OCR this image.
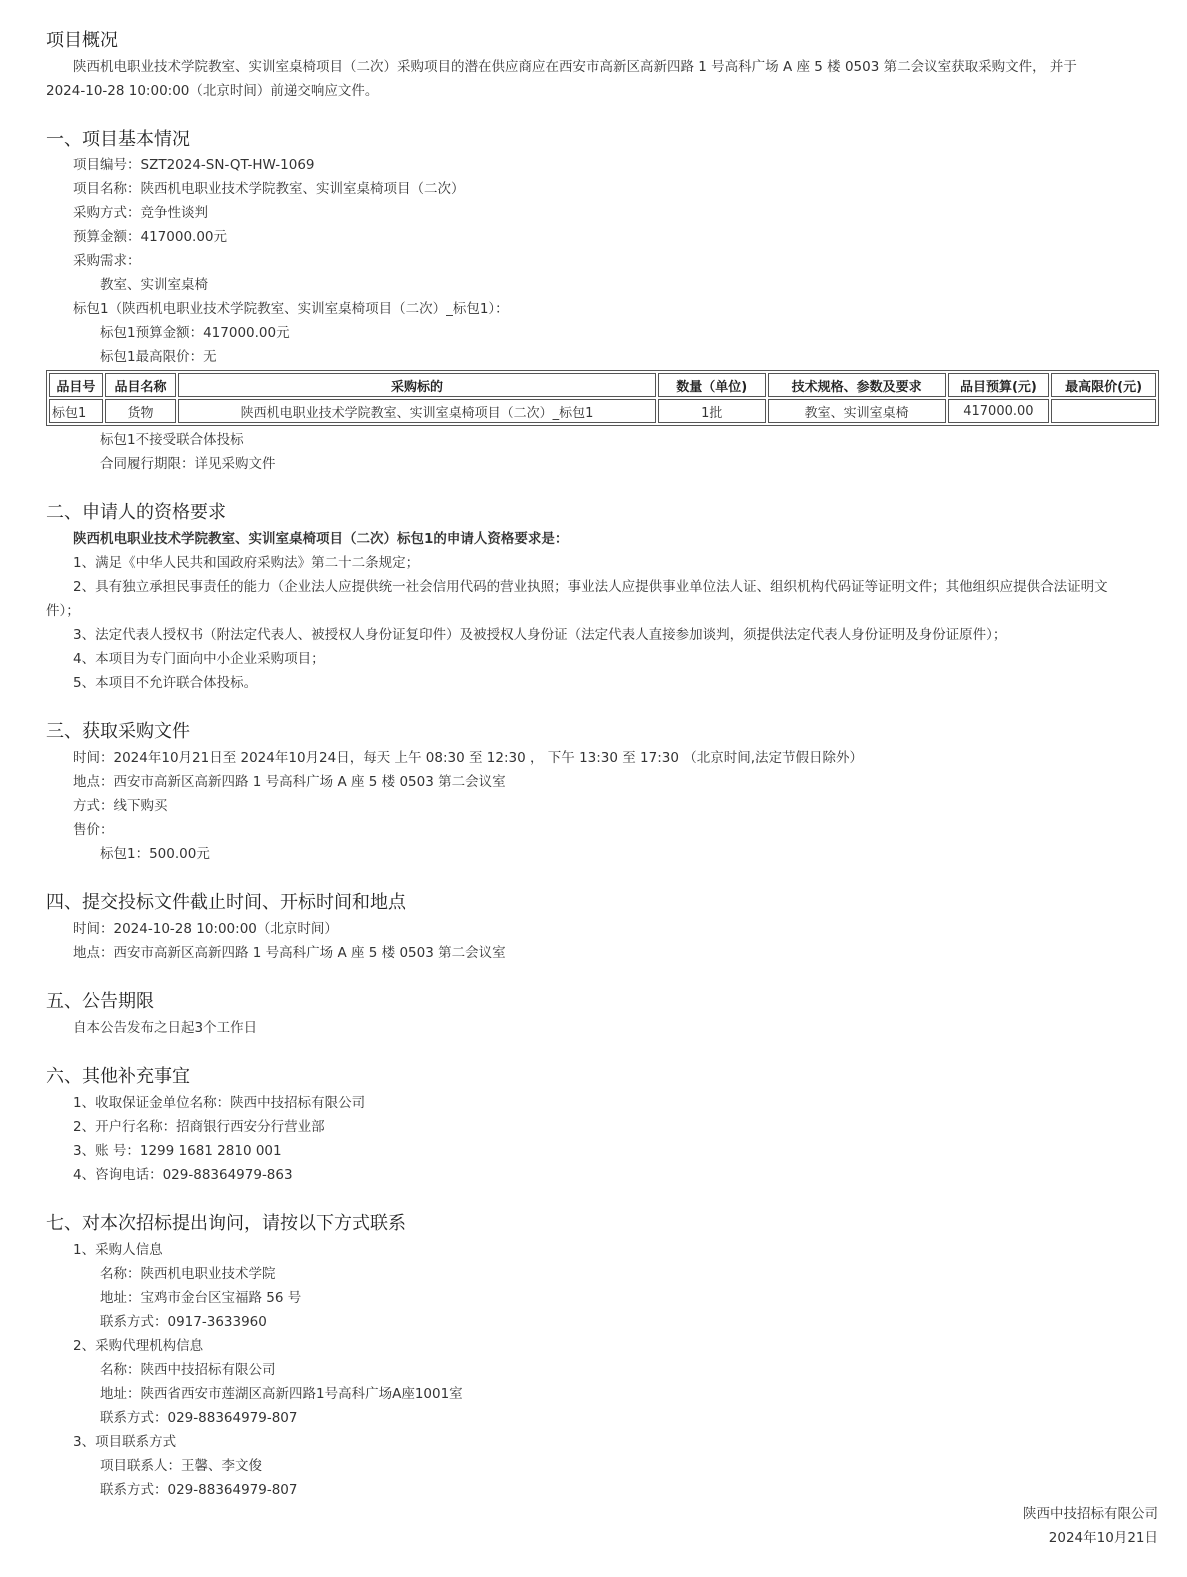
项目概况
陕西机电职业技术学院教室、实训室桌椅项目（二次）采购项目的潜在供应商应在西安市高新区高新四路 1 号高科广场 A 座 5 楼 0503 第二会议室获取采购文件， 并于
2024-10-28 10:00:00（北京时间）前递交响应文件。
一、项目基本情况
项目编号：SZT2024-SN-QT-HW-1069
项目名称：陕西机电职业技术学院教室、实训室桌椅项目（二次）
采购方式：竞争性谈判
预算金额：417000.00元
采购需求：
教室、实训室桌椅
标包1（陕西机电职业技术学院教室、实训室桌椅项目（二次）_标包1）：
标包1预算金额：417000.00元
标包1最高限价：无
品目号	品目名称	采购标的	数量（单位)	技术规格、参数及要求	品目预算(元)	最高限价(元)
标包1	货物	陕西机电职业技术学院教室、实训室桌椅项目（二次）_标包1	1批	教室、实训室桌椅	417000.00	
标包1不接受联合体投标
合同履行期限：详见采购文件
二、申请人的资格要求
陕西机电职业技术学院教室、实训室桌椅项目（二次）标包1的申请人资格要求是：
1、满足《中华人民共和国政府采购法》第二十二条规定；
2、具有独立承担民事责任的能力（企业法人应提供统一社会信用代码的营业执照；事业法人应提供事业单位法人证、组织机构代码证等证明文件；其他组织应提供合法证明文
件）；
3、法定代表人授权书（附法定代表人、被授权人身份证复印件）及被授权人身份证（法定代表人直接参加谈判，须提供法定代表人身份证明及身份证原件）；
4、本项目为专门面向中小企业采购项目；
5、本项目不允许联合体投标。
三、获取采购文件
时间：2024年10月21日至 2024年10月24日，每天 上午 08:30 至 12:30 ， 下午 13:30 至 17:30 （北京时间,法定节假日除外）
地点：西安市高新区高新四路 1 号高科广场 A 座 5 楼 0503 第二会议室
方式：线下购买
售价：
标包1：500.00元
四、提交投标文件截止时间、开标时间和地点
时间：2024-10-28 10:00:00（北京时间）
地点：西安市高新区高新四路 1 号高科广场 A 座 5 楼 0503 第二会议室
五、公告期限
自本公告发布之日起3个工作日
六、其他补充事宜
1、收取保证金单位名称：陕西中技招标有限公司
2、开户行名称：招商银行西安分行营业部
3、账 号：1299 1681 2810 001
4、咨询电话：029-88364979-863
七、对本次招标提出询问，请按以下方式联系
1、采购人信息
名称：陕西机电职业技术学院
地址：宝鸡市金台区宝福路 56 号
联系方式：0917-3633960
2、采购代理机构信息
名称：陕西中技招标有限公司
地址：陕西省西安市莲湖区高新四路1号高科广场A座1001室
联系方式：029-88364979-807
3、项目联系方式
项目联系人：王馨、李文俊
联系方式：029-88364979-807
陕西中技招标有限公司
2024年10月21日
